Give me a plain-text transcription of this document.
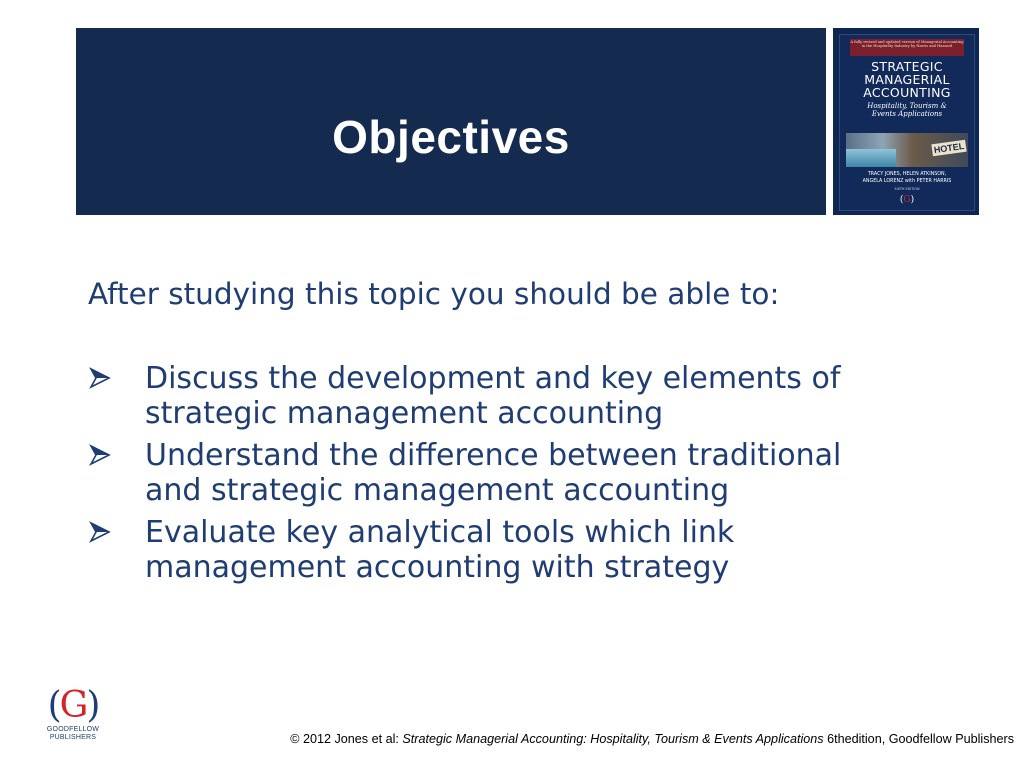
Objectives
A fully revised and updated version of Managerial Accounting in the Hospitality Industry by Harris and Hazzard
STRATEGIC
MANAGERIAL
ACCOUNTING
Hospitality, Tourism &
Events Applications
HOTEL
TRACY JONES, HELEN ATKINSON,
ANGELA LORENZ with PETER HARRIS
SIXTH EDITION
(G)
After studying this topic you should be able to:
Discuss the development and key elements of
strategic management accounting
Understand the difference between traditional
and strategic management accounting
Evaluate key analytical tools which link
management accounting with strategy
(G)
GOODFELLOW
PUBLISHERS	© 2012 Jones et al: Strategic Managerial Accounting: Hospitality, Tourism & Events Applications 6thedition, Goodfellow Publishers
